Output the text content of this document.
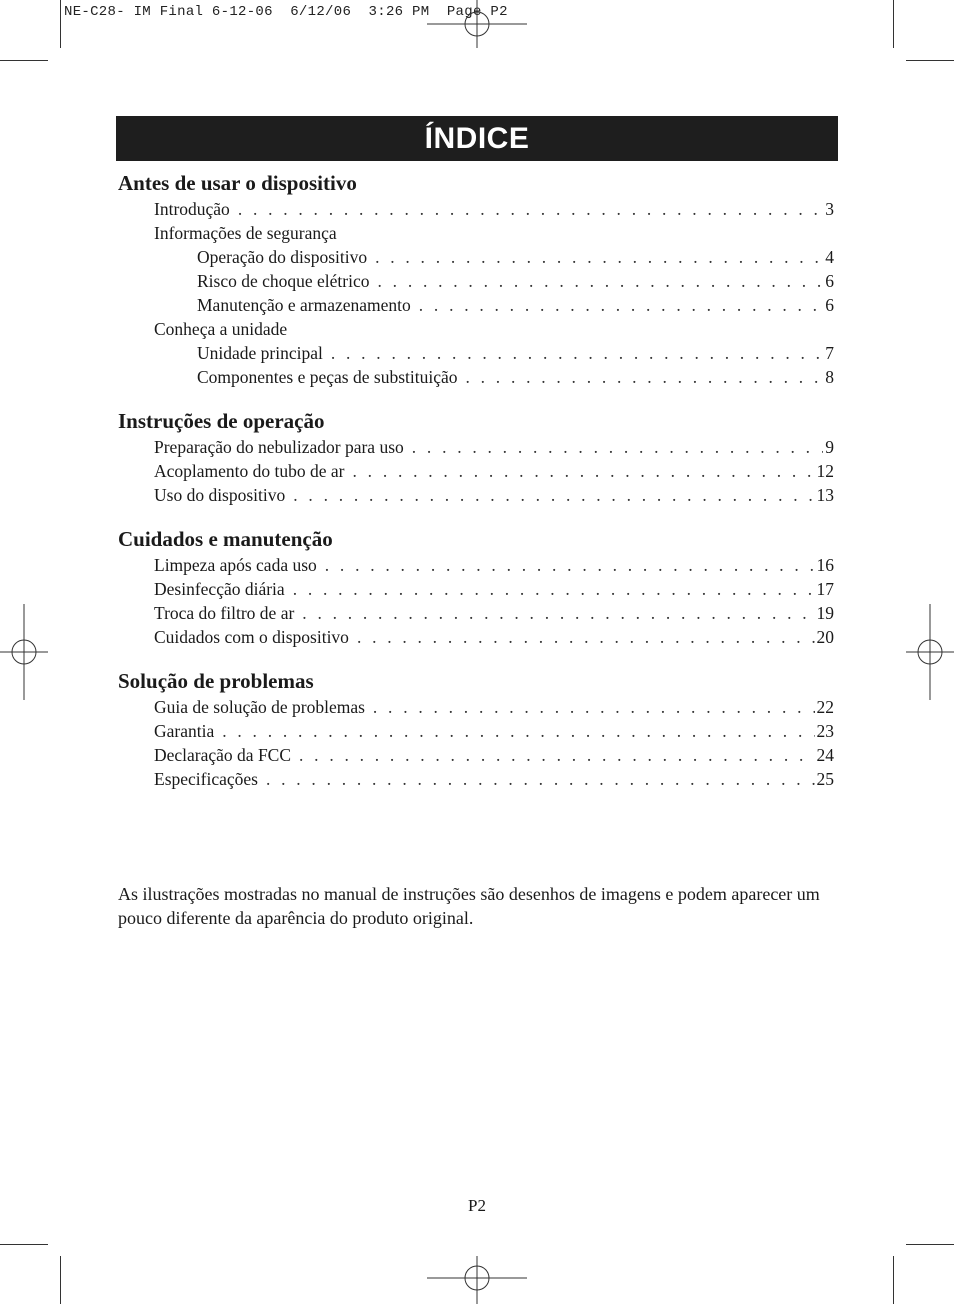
NE-C28- IM Final 6-12-06  6/12/06  3:26 PM  Page P2
ÍNDICE
Antes de usar o dispositivo
Introdução . . .	3
Informações de segurança
Operação do dispositivo . . .	4
Risco de choque elétrico . . .	6
Manutenção e armazenamento . . .	6
Conheça a unidade
Unidade principal . . .	7
Componentes e peças de substituição . . .	8
Instruções de operação
Preparação do nebulizador para uso . . .	9
Acoplamento do tubo de ar . . .	12
Uso do dispositivo . . .	13
Cuidados e manutenção
Limpeza após cada uso . . .	16
Desinfecção diária . . .	17
Troca do filtro de ar . . .	19
Cuidados com o dispositivo . . .	20
Solução de problemas
Guia de solução de problemas . . .	22
Garantia . . .	23
Declaração da FCC . . .	24
Especificações . . .	25
As ilustrações mostradas no manual de instruções são desenhos de imagens e podem aparecer um pouco diferente da aparência do produto original.
P2
